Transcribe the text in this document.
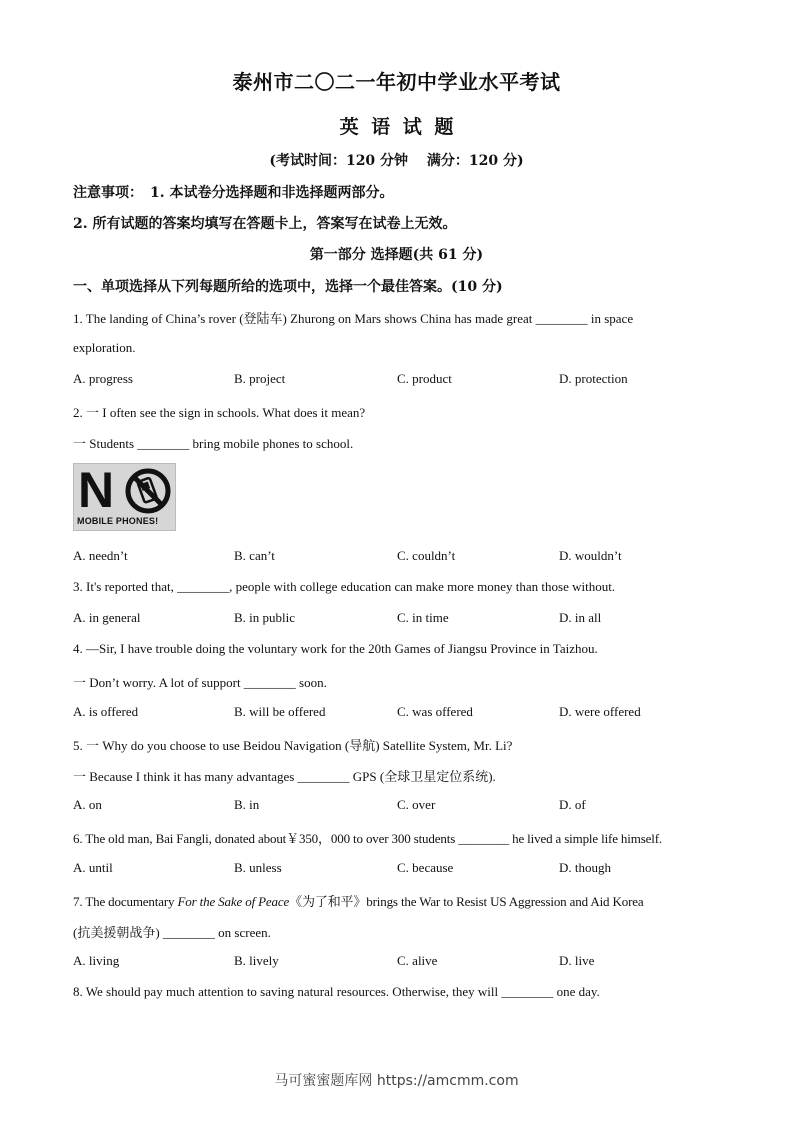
泰州市二〇二一年初中学业水平考试
英 语 试 题
(考试时间：120 分钟　 满分：120 分)
注意事项：　1. 本试卷分选择题和非选择题两部分。
2. 所有试题的答案均填写在答题卡上，答案写在试卷上无效。
第一部分 选择题(共 61 分)
一、单项选择从下列每题所给的选项中，选择一个最佳答案。(10 分)
1. The landing of China’s rover (登陆车) Zhurong on Mars shows China has made great ________ in space
exploration.
A. progress	B. project	C. product	D. protection
2. 一 I often see the sign in schools. What does it mean?
一 Students ________ bring mobile phones to school.
N
MOBILE PHONES!
A. needn’t	B. can’t	C. couldn’t	D. wouldn’t
3. It's reported that, ________, people with college education can make more money than those without.
A. in general	B. in public	C. in time	D. in all
4. —Sir, I have trouble doing the voluntary work for the 20th Games of Jiangsu Province in Taizhou.
一 Don’t worry. A lot of support ________ soon.
A. is offered	B. will be offered	C. was offered	D. were offered
5. 一 Why do you choose to use Beidou Navigation (导航) Satellite System, Mr. Li?
一 Because I think it has many advantages ________ GPS (全球卫星定位系统).
A. on	B. in	C. over	D. of
6. The old man, Bai Fangli, donated about￥350，000 to over 300 students ________ he lived a simple life himself.
A. until	B. unless	C. because	D. though
7. The documentary For the Sake of Peace《为了和平》brings the War to Resist US Aggression and Aid Korea
(抗美援朝战争) ________ on screen.
A. living	B. lively	C. alive	D. live
8. We should pay much attention to saving natural resources. Otherwise, they will ________ one day.
马可蜜蜜题库网 https://amcmm.com
